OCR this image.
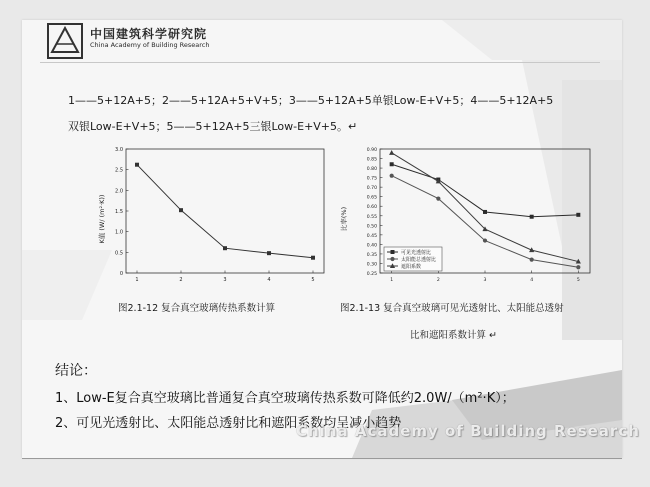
中国建筑科学研究院
China Academy of Building Research
1——5+12A+5；2——5+12A+5+V+5；3——5+12A+5单银Low-E+V+5；4——5+12A+5
双银Low-E+V+5；5——5+12A+5三银Low-E+V+5。↵
0
0.5
1.0
1.5
2.0
2.5
3.0
1	2	3	4	5
K值 (W/ (m²·K))
0.25
0.30
0.35
0.40
0.45
0.50
0.55
0.60
0.65
0.70
0.75
0.80
0.85
0.90
1	2	3	4	5
比率(%)
可见光透射比
太阳能总透射比
遮阳系数
图2.1-12 复合真空玻璃传热系数计算	图2.1-13 复合真空玻璃可见光透射比、太阳能总透射
比和遮阳系数计算 ↵
结论：
1、Low-E复合真空玻璃比普通复合真空玻璃传热系数可降低约2.0W/（m²·K）；
2、可见光透射比、太阳能总透射比和遮阳系数均呈减小趋势
China Academy of Building Research
